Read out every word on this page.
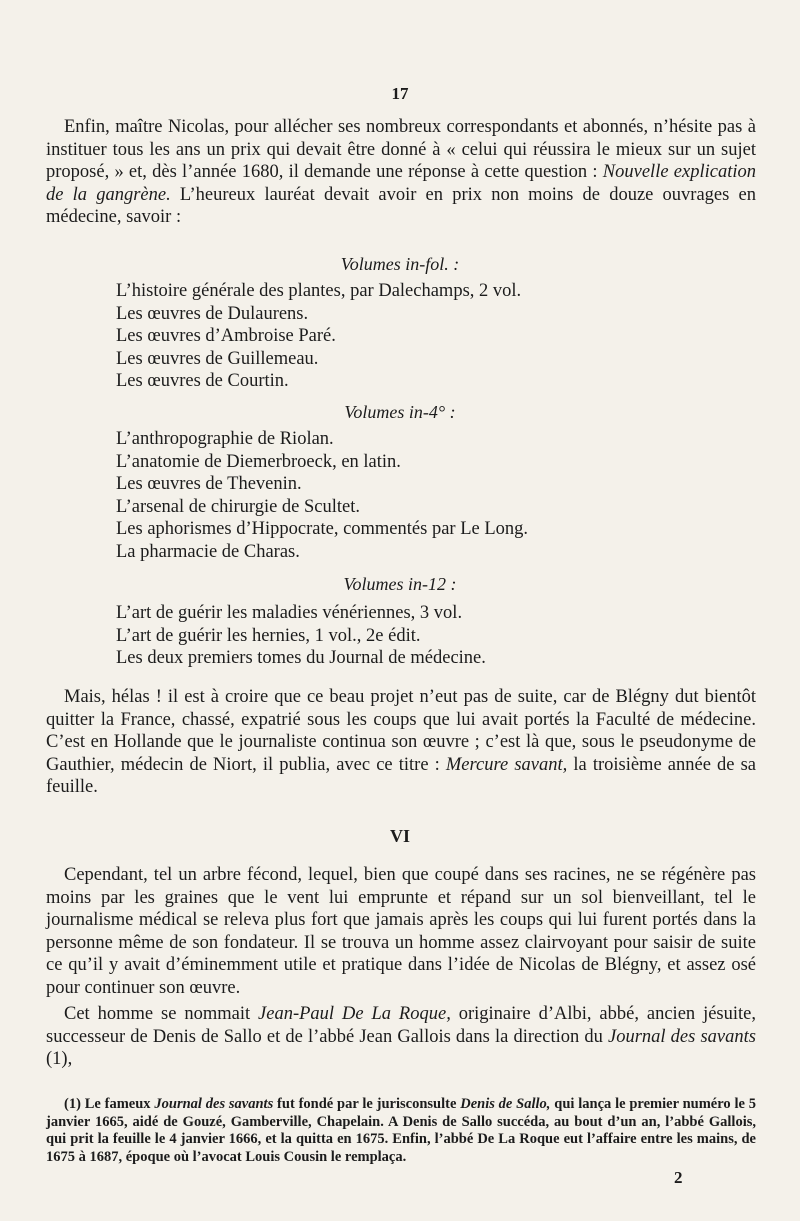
17

Enfin, maître Nicolas, pour allécher ses nombreux correspondants et abonnés, n’hésite pas à instituer tous les ans un prix qui devait être donné à « celui qui réussira le mieux sur un sujet proposé, » et, dès l’année 1680, il demande une réponse à cette question : Nouvelle explication de la gangrène. L’heureux lauréat devait avoir en prix non moins de douze ouvrages en médecine, savoir :

Volumes in-fol. :
L’histoire générale des plantes, par Dalechamps, 2 vol.
Les œuvres de Dulaurens.
Les œuvres d’Ambroise Paré.
Les œuvres de Guillemeau.
Les œuvres de Courtin.
Volumes in-4° :
L’anthropographie de Riolan.
L’anatomie de Diemerbroeck, en latin.
Les œuvres de Thevenin.
L’arsenal de chirurgie de Scultet.
Les aphorismes d’Hippocrate, commentés par Le Long.
La pharmacie de Charas.
Volumes in-12 :
L’art de guérir les maladies vénériennes, 3 vol.
L’art de guérir les hernies, 1 vol., 2e édit.
Les deux premiers tomes du Journal de médecine.

Mais, hélas ! il est à croire que ce beau projet n’eut pas de suite, car de Blégny dut bientôt quitter la France, chassé, expatrié sous les coups que lui avait portés la Faculté de médecine. C’est en Hollande que le journaliste continua son œuvre ; c’est là que, sous le pseudonyme de Gauthier, médecin de Niort, il publia, avec ce titre : Mercure savant, la troisième année de sa feuille.

VI

Cependant, tel un arbre fécond, lequel, bien que coupé dans ses racines, ne se régénère pas moins par les graines que le vent lui emprunte et répand sur un sol bienveillant, tel le journalisme médical se releva plus fort que jamais après les coups qui lui furent portés dans la personne même de son fondateur. Il se trouva un homme assez clairvoyant pour saisir de suite ce qu’il y avait d’éminemment utile et pratique dans l’idée de Nicolas de Blégny, et assez osé pour continuer son œuvre.

Cet homme se nommait Jean-Paul De La Roque, originaire d’Albi, abbé, ancien jésuite, successeur de Denis de Sallo et de l’abbé Jean Gallois dans la direction du Journal des savants (1),

(1) Le fameux Journal des savants fut fondé par le jurisconsulte Denis de Sallo, qui lança le premier numéro le 5 janvier 1665, aidé de Gouzé, Gamberville, Chapelain. A Denis de Sallo succéda, au bout d’un an, l’abbé Gallois, qui prit la feuille le 4 janvier 1666, et la quitta en 1675. Enfin, l’abbé De La Roque eut l’affaire entre les mains, de 1675 à 1687, époque où l’avocat Louis Cousin le remplaça.

2
